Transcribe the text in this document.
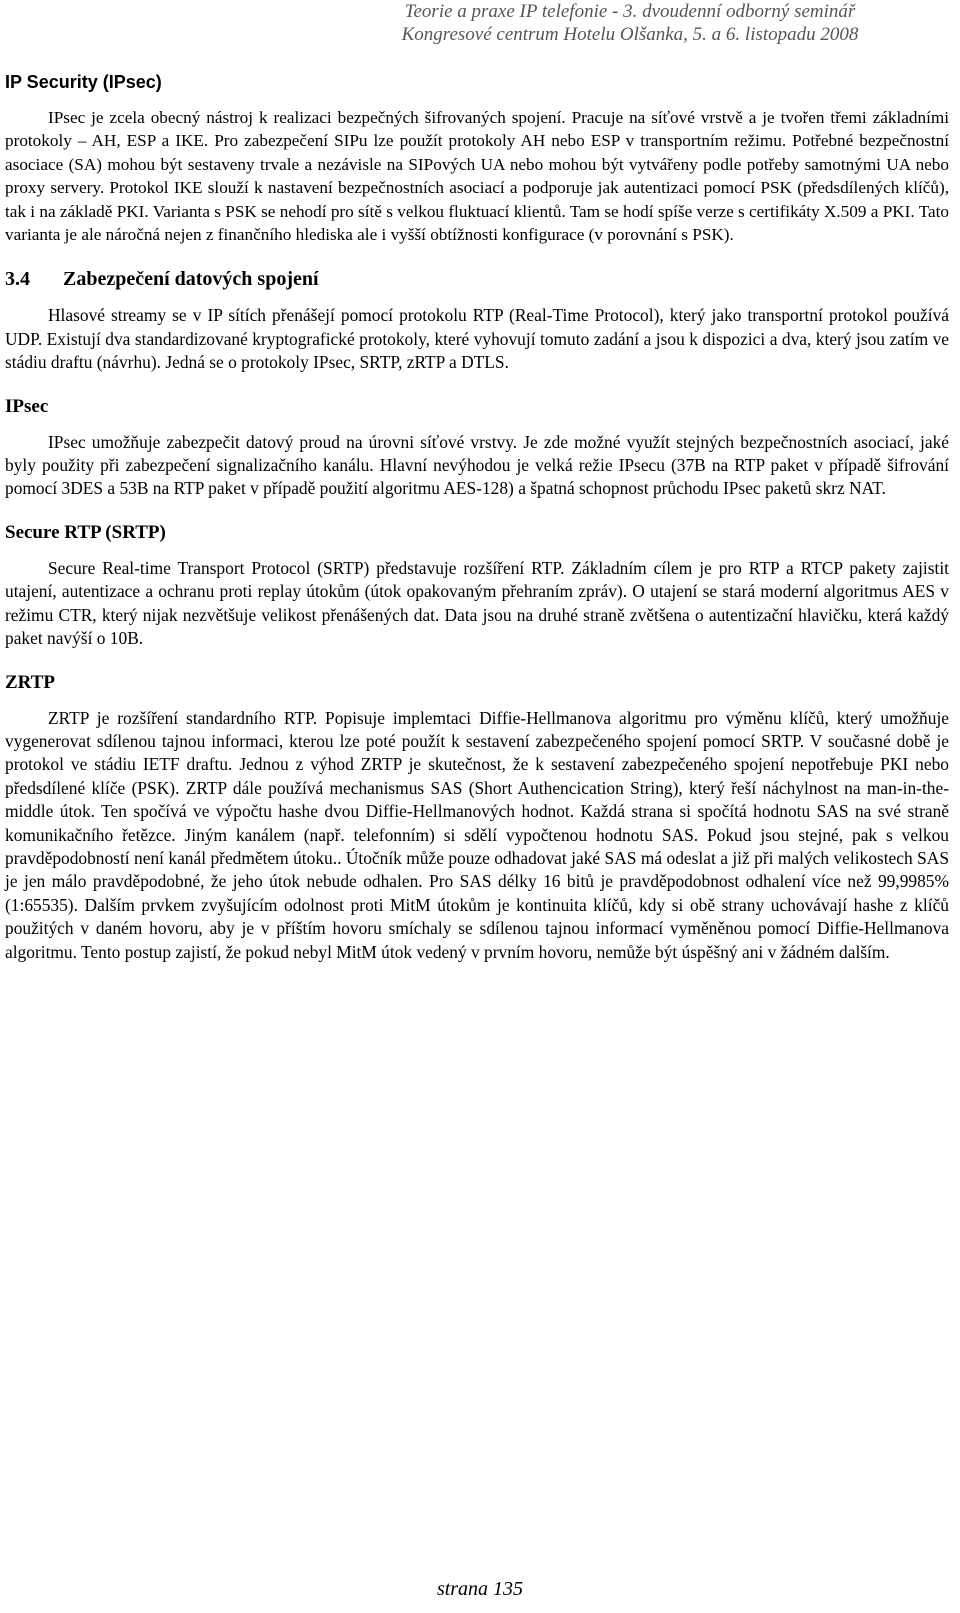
Teorie a praxe IP telefonie - 3. dvoudenní odborný seminář
Kongresové centrum Hotelu Olšanka, 5. a 6. listopadu 2008
IP Security (IPsec)

IPsec je zcela obecný nástroj k realizaci bezpečných šifrovaných spojení. Pracuje na síťové vrstvě a je tvořen třemi základními protokoly – AH, ESP a IKE. Pro zabezpečení SIPu lze použít protokoly AH nebo ESP v transportním režimu. Potřebné bezpečnostní asociace (SA) mohou být sestaveny trvale a nezávisle na SIPových UA nebo mohou být vytvářeny podle potřeby samotnými UA nebo proxy servery. Protokol IKE slouží k nastavení bezpečnostních asociací a podporuje jak autentizaci pomocí PSK (předsdílených klíčů), tak i na základě PKI. Varianta s PSK se nehodí pro sítě s velkou fluktuací klientů. Tam se hodí spíše verze s certifikáty X.509 a PKI. Tato varianta je ale náročná nejen z finančního hlediska ale i vyšší obtížnosti konfigurace (v porovnání s PSK).

3.4 Zabezpečení datových spojení

Hlasové streamy se v IP sítích přenášejí pomocí protokolu RTP (Real-Time Protocol), který jako transportní protokol používá UDP. Existují dva standardizované kryptografické protokoly, které vyhovují tomuto zadání a jsou k dispozici a dva, který jsou zatím ve stádiu draftu (návrhu). Jedná se o protokoly IPsec, SRTP, zRTP a DTLS.

IPsec

IPsec umožňuje zabezpečit datový proud na úrovni síťové vrstvy. Je zde možné využít stejných bezpečnostních asociací, jaké byly použity při zabezpečení signalizačního kanálu. Hlavní nevýhodou je velká režie IPsecu (37B na RTP paket v případě šifrování pomocí 3DES a 53B na RTP paket v případě použití algoritmu AES-128) a špatná schopnost průchodu IPsec paketů skrz NAT.

Secure RTP (SRTP)

Secure Real-time Transport Protocol (SRTP) představuje rozšíření RTP. Základním cílem je pro RTP a RTCP pakety zajistit utajení, autentizace a ochranu proti replay útokům (útok opakovaným přehraním zpráv). O utajení se stará moderní algoritmus AES v režimu CTR, který nijak nezvětšuje velikost přenášených dat. Data jsou na druhé straně zvětšena o autentizační hlavičku, která každý paket navýší o 10B.

ZRTP

ZRTP je rozšíření standardního RTP. Popisuje implemtaci Diffie-Hellmanova algoritmu pro výměnu klíčů, který umožňuje vygenerovat sdílenou tajnou informaci, kterou lze poté použít k sestavení zabezpečeného spojení pomocí SRTP. V současné době je protokol ve stádiu IETF draftu. Jednou z výhod ZRTP je skutečnost, že k sestavení zabezpečeného spojení nepotřebuje PKI nebo předsdílené klíče (PSK). ZRTP dále používá mechanismus SAS (Short Authencication String), který řeší náchylnost na man-in-the-middle útok. Ten spočívá ve výpočtu hashe dvou Diffie-Hellmanových hodnot. Každá strana si spočítá hodnotu SAS na své straně komunikačního řetězce. Jiným kanálem (např. telefonním) si sdělí vypočtenou hodnotu SAS. Pokud jsou stejné, pak s velkou pravděpodobností není kanál předmětem útoku.. Útočník může pouze odhadovat jaké SAS má odeslat a již při malých velikostech SAS je jen málo pravděpodobné, že jeho útok nebude odhalen. Pro SAS délky 16 bitů je pravděpodobnost odhalení více než 99,9985% (1:65535). Dalším prvkem zvyšujícím odolnost proti MitM útokům je kontinuita klíčů, kdy si obě strany uchovávají hashe z klíčů použitých v daném hovoru, aby je v příštím hovoru smíchaly se sdílenou tajnou informací vyměněnou pomocí Diffie-Hellmanova algoritmu. Tento postup zajistí, že pokud nebyl MitM útok vedený v prvním hovoru, nemůže být úspěšný ani v žádném dalším.

strana 135
